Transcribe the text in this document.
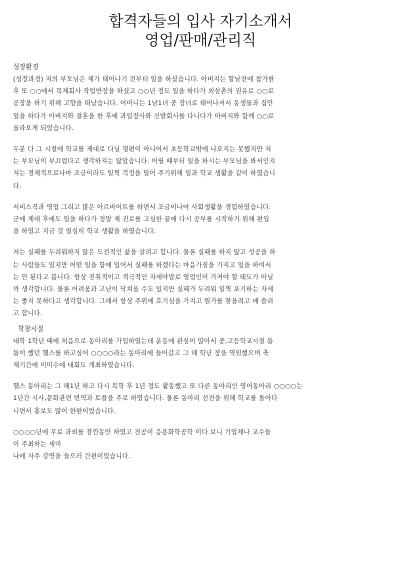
합격자들의 입사 자기소개서
영업/판매/관리직
성장환경
(성장과정) 저의 부모님은 제가 태어나기 전부터 일을 하셨습니다. 아버지는 할남전에 참가한
후 또 ○○에서 목재회사 작업반장을 하셨고 ○○년 정도 일을 하다가 외삼촌의 권유로 ○○로
공장을 하기 위해 고향을 떠났습니다. 어머니는 1남1녀 중 장녀로 태어나셔서 동생들과 집안
일을 하다가 아버지와 결혼을 한 후에 과일장사와 신발회사를 다니다가 아버지와 함께 ○○로
올라오게 되었습니다.
두분 다 그 시절에 학교를 제대로 다닐 형편이 아니어서 초등학교밖에 나오지는 못했지만 저
는 부모님이 부끄럽다고 생각하지는 않았습니다. 어릴 때부터 일을 하시는 부모님을 봐서인지
저는 경제적으로나마 조금이라도 일찍 걱정을 덜어 주기위해 일과 학교 생활을 같이 하였습니
다.
서비스직과 영업 그리고 많은 아르바이트를 하면서 조금이나마 사회생활을 경험하였습니다.
군에 제대 후에도 일을 하다가 정말 제 진로를 고심한 끝에 다시 공부를 시작하기 위해 편입
을 하였고 지금 것 열심히 학교 생활을 하였습니다.
저는 실패를 두려워하지 않은 도전적인 삶을 살려고 합니다. 물론 실패를 하지 않고 성공을 하
는 사람들도 있지만 어떤 일을 함에 있어서 실패를 하겠다는 마음가짐을 가지고 일을 하여서
는 안 된다고 봅니다. 항상 진취적이고 적극적인 자세야말로 영업인이 가져야 할 태도가 아닐
까 생각합니다. 물론 어려움과 고난이 닥쳐올 수도 있지만 실패가 두려워 일찍 포기하는 자세
는 좋지 못하다고 생각합니다. 그래서 항상 주위에 호기심을 가지고 뭔가를 찾을려고 애 쓸려
고 합니다.
학창시절
대학 1학년 때에 처음으로 동아리를 가입하였는데 운동에 관심이 많아서 중,고등학교시절 틈
틈이 했던 헬스를 하고싶어 ○○○○라는 동아리에 들어갔고 그 해 학년 장을 역임했으며 축
제기간에 미미수에 대회도 개최하였습니다.
헬스 동아리는 그 해1년 하고 다시 복학 후 1년 정도 활동했고 또 다른 동아리인 영어동아리 ○○○○는
1년간 시사,문화관련 번역과 토플을 주로 하였습니다. 물론 동아리 선전을 위해 학교를 돌아다
니면서 홍보도 많이 한편이었습니다.
○○○○년에 무료 과외를 잠깐동안 하였고 전공이 응용화학공학 이다 보니 기업체나 교수들
이 주최하는 세미
나에 자주 강연을 들으러 간편이었습니다.
